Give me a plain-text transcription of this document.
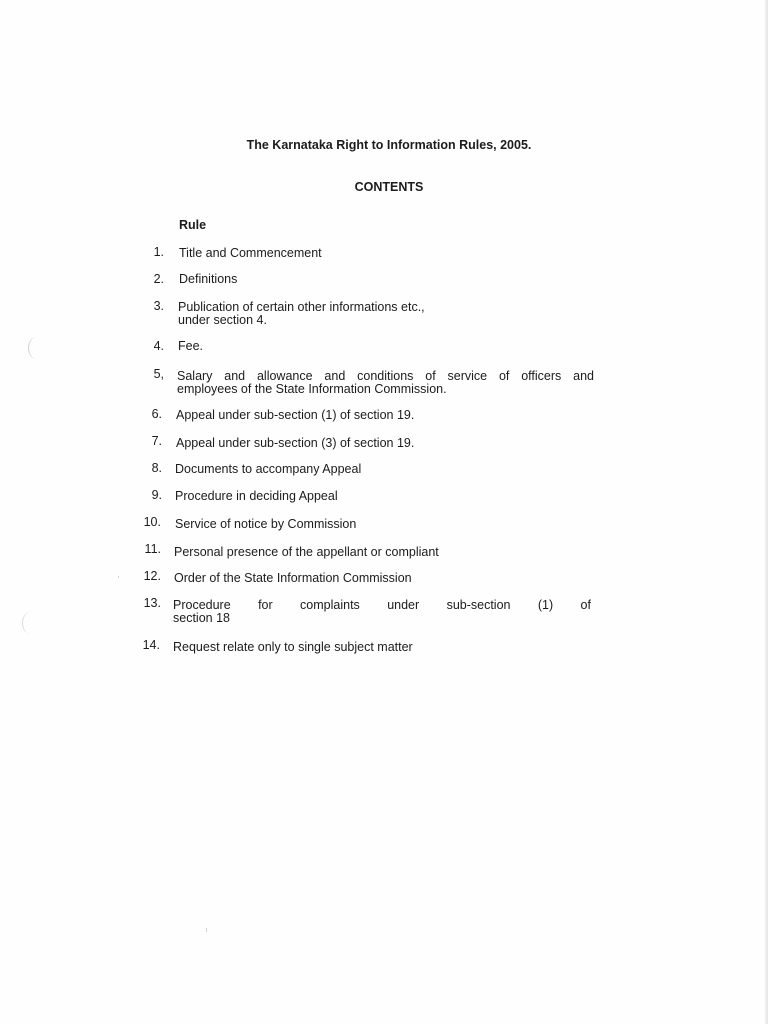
The Karnataka Right to Information Rules, 2005.
CONTENTS
Rule
1. Title and Commencement
2. Definitions
3. Publication of certain other informations etc.,
under section 4.
4. Fee.
5, Salary and allowance and conditions of service of officers and
employees of the State Information Commission.
6. Appeal under sub-section (1) of section 19.
7. Appeal under sub-section (3) of section 19.
8. Documents to accompany Appeal
9. Procedure in deciding Appeal
10. Service of notice by Commission
11. Personal presence of the appellant or compliant
12. Order of the State Information Commission
13. Procedure for complaints under sub-section (1) of
section 18
14. Request relate only to single subject matter
